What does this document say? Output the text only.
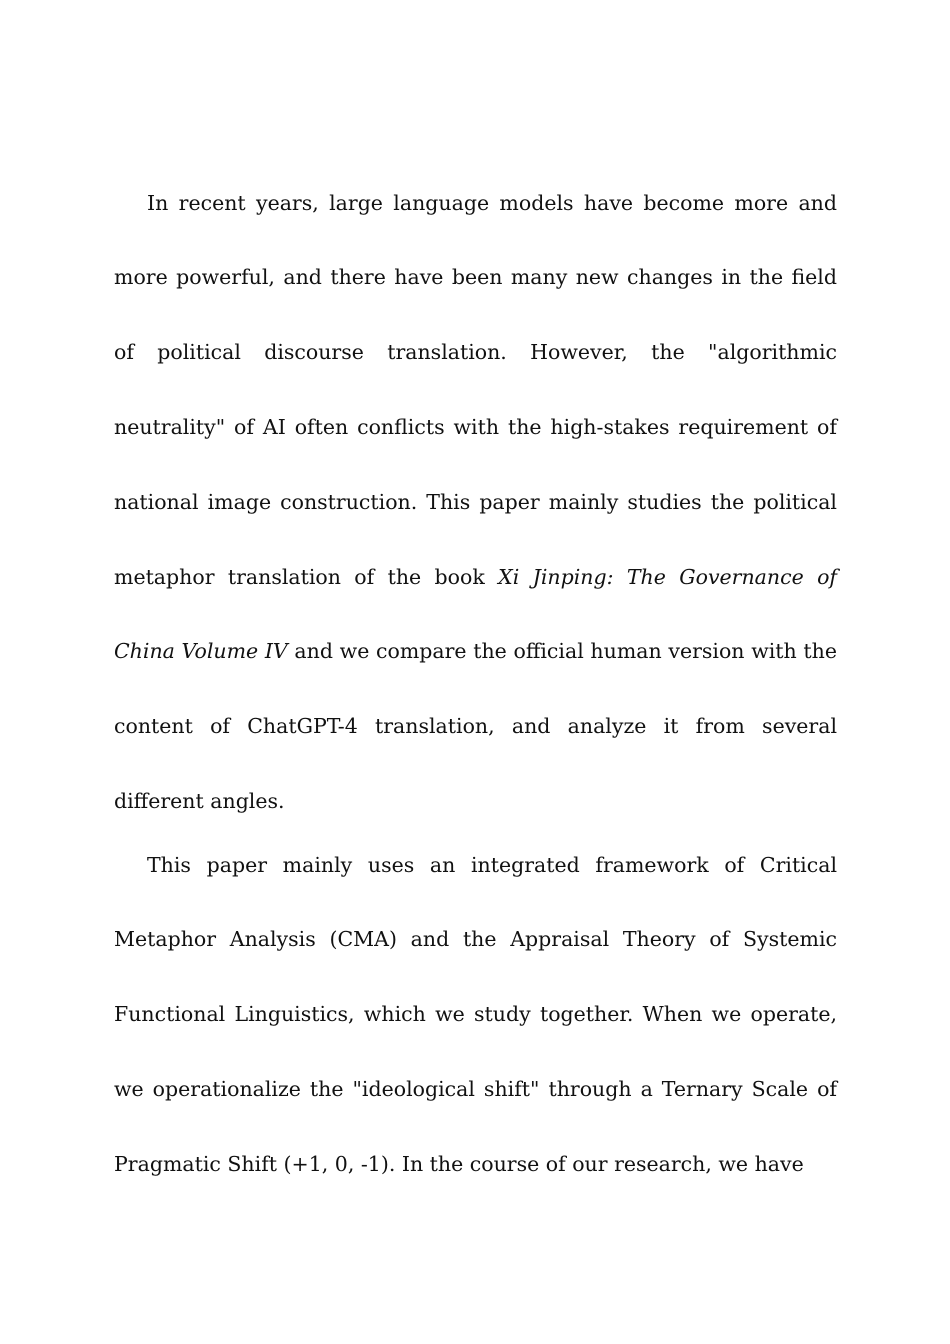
In recent years, large language models have become more and more powerful, and there have been many new changes in the field of political discourse translation. However, the "algorithmic neutrality" of AI often conflicts with the high-stakes requirement of national image construction. This paper mainly studies the political metaphor translation of the book Xi Jinping: The Governance of China Volume IV and we compare the official human version with the content of ChatGPT-4 translation, and analyze it from several different angles.

This paper mainly uses an integrated framework of Critical Metaphor Analysis (CMA) and the Appraisal Theory of Systemic Functional Linguistics, which we study together. When we operate, we operationalize the "ideological shift" through a Ternary Scale of Pragmatic Shift (+1, 0, -1). In the course of our research, we have
